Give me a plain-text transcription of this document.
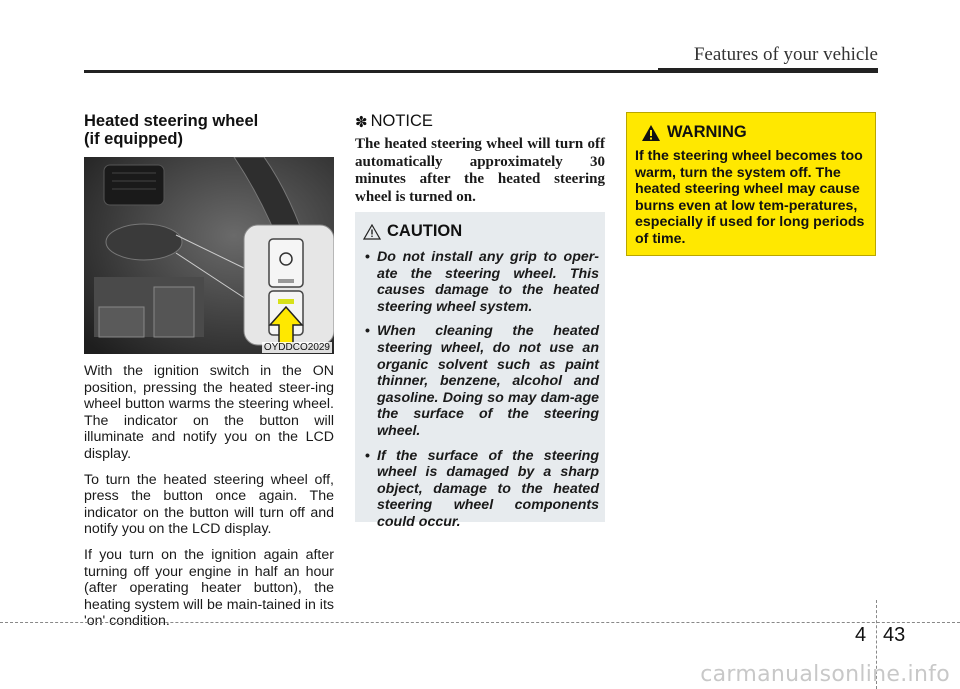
Features of your vehicle
Heated steering wheel
(if equipped)
OYDDCO2029

With the ignition switch in the ON position, pressing the heated steer-ing wheel button warms the steering wheel. The indicator on the button will illuminate and notify you on the LCD display.

To turn the heated steering wheel off, press the button once again. The indicator on the button will turn off and notify you on the LCD display.

If you turn on the ignition again after turning off your engine in half an hour (after operating heater button), the heating system will be main-tained in its 'on' condition.

✽ NOTICE

The heated steering wheel will turn off automatically approximately 30 minutes after the heated steering wheel is turned on.

CAUTION
• Do not install any grip to oper-ate the steering wheel. This causes damage to the heated steering wheel system.
• When cleaning the heated steering wheel, do not use an organic solvent such as paint thinner, benzene, alcohol and gasoline. Doing so may dam-age the surface of the steering wheel.
• If the surface of the steering wheel is damaged by a sharp object, damage to the heated steering wheel components could occur.
WARNING

If the steering wheel becomes too warm, turn the system off. The heated steering wheel may cause burns even at low tem-peratures, especially if used for long periods of time.

4 43
carmanualsonline.info
